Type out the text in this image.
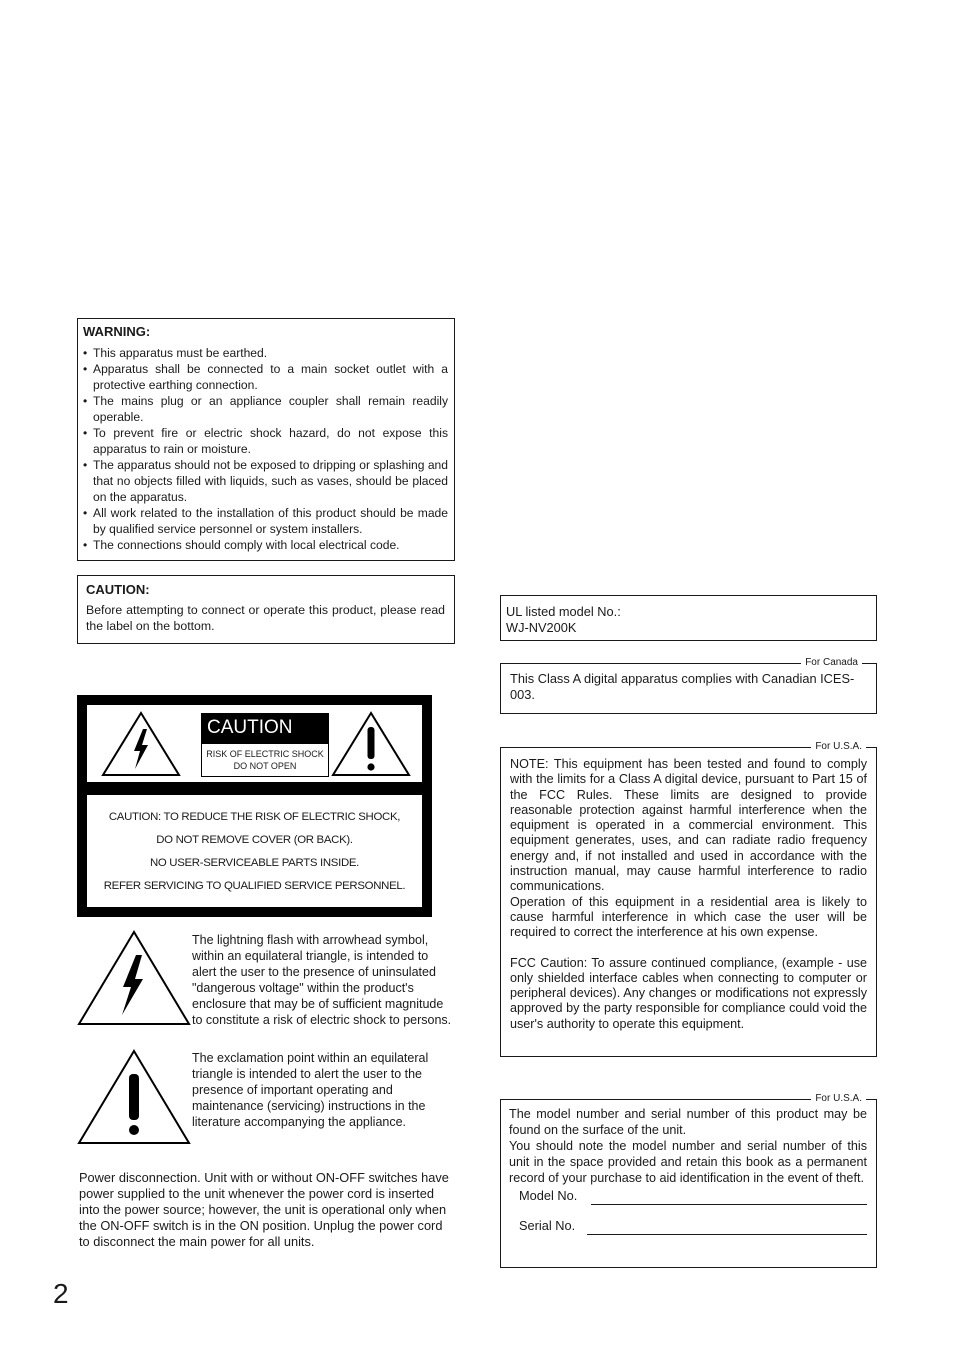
WARNING:
• This apparatus must be earthed.
• Apparatus shall be connected to a main socket outlet with a protective earthing connection.
• The mains plug or an appliance coupler shall remain readily operable.
• To prevent fire or electric shock hazard, do not expose this apparatus to rain or moisture.
• The apparatus should not be exposed to dripping or splashing and that no objects filled with liquids, such as vases, should be placed on the apparatus.
• All work related to the installation of this product should be made by qualified service personnel or system installers.
• The connections should comply with local electrical code.
CAUTION:

Before attempting to connect or operate this product, please read the label on the bottom.

CAUTION
RISK OF ELECTRIC SHOCK
DO NOT OPEN
CAUTION: TO REDUCE THE RISK OF ELECTRIC SHOCK,
DO NOT REMOVE COVER (OR BACK).
NO USER-SERVICEABLE PARTS INSIDE.
REFER SERVICING TO QUALIFIED SERVICE PERSONNEL.
The lightning flash with arrowhead symbol, within an equilateral triangle, is intended to alert the user to the presence of uninsulated "dangerous voltage" within the product's enclosure that may be of sufficient magnitude to constitute a risk of electric shock to persons.
The exclamation point within an equilateral triangle is intended to alert the user to the presence of important operating and maintenance (servicing) instructions in the literature accompanying the appliance.
Power disconnection. Unit with or without ON-OFF switches have power supplied to the unit whenever the power cord is inserted into the power source; however, the unit is operational only when the ON-OFF switch is in the ON position. Unplug the power cord to disconnect the main power for all units.

UL listed model No.:

WJ-NV200K

For Canada

This Class A digital apparatus complies with Canadian ICES-003.

For U.S.A.

NOTE: This equipment has been tested and found to comply with the limits for a Class A digital device, pursuant to Part 15 of the FCC Rules. These limits are designed to provide reasonable protection against harmful interference when the equipment is operated in a commercial environment. This equipment generates, uses, and can radiate radio frequency energy and, if not installed and used in accordance with the instruction manual, may cause harmful interference to radio communications.

Operation of this equipment in a residential area is likely to cause harmful interference in which case the user will be required to correct the interference at his own expense.

FCC Caution: To assure continued compliance, (example - use only shielded interface cables when connecting to computer or peripheral devices). Any changes or modifications not expressly approved by the party responsible for compliance could void the user's authority to operate this equipment.

For U.S.A.

The model number and serial number of this product may be found on the surface of the unit.

You should note the model number and serial number of this unit in the space provided and retain this book as a permanent record of your purchase to aid identification in the event of theft.

Model No.
Serial No.
2
